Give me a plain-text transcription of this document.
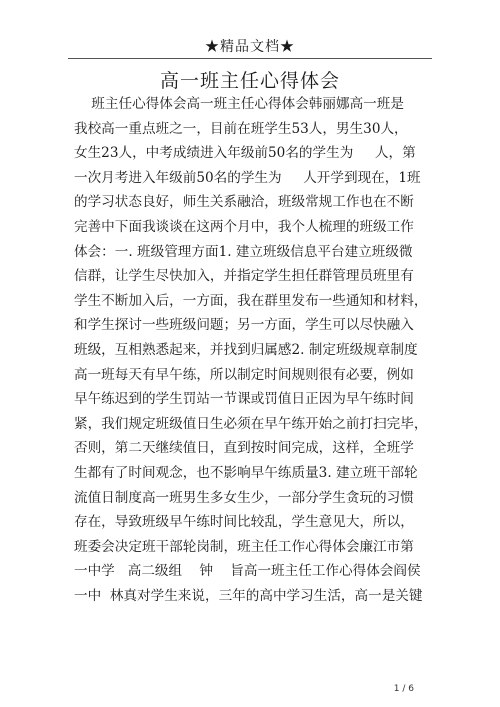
★精品文档★
高一班主任心得体会
班主任心得体会高一班主任心得体会韩丽娜高一班是
我校高一重点班之一，目前在班学生53人，男生30人，
女生23人，中考成绩进入年级前50名的学生为     人，第
一次月考进入年级前50名的学生为     人开学到现在，1班
的学习状态良好，师生关系融洽，班级常规工作也在不断
完善中下面我谈谈在这两个月中，我个人梳理的班级工作
体会：一. 班级管理方面1. 建立班级信息平台建立班级微
信群，让学生尽快加入，并指定学生担任群管理员班里有
学生不断加入后，一方面，我在群里发布一些通知和材料，
和学生探讨一些班级问题；另一方面，学生可以尽快融入
班级，互相熟悉起来，并找到归属感2. 制定班级规章制度
高一班每天有早午练，所以制定时间规则很有必要，例如
早午练迟到的学生罚站一节课或罚值日正因为早午练时间
紧，我们规定班级值日生必须在早午练开始之前打扫完毕，
否则，第二天继续值日，直到按时间完成，这样，全班学
生都有了时间观念，也不影响早午练质量3. 建立班干部轮
流值日制度高一班男生多女生少，一部分学生贪玩的习惯
存在，导致班级早午练时间比较乱，学生意见大，所以，
班委会决定班干部轮岗制，班主任工作心得体会廉江市第
一中学   高二级组    钟    旨高一班主任工作心得体会阎侯
一中  林真对学生来说，三年的高中学习生活，高一是关键
1 / 6
